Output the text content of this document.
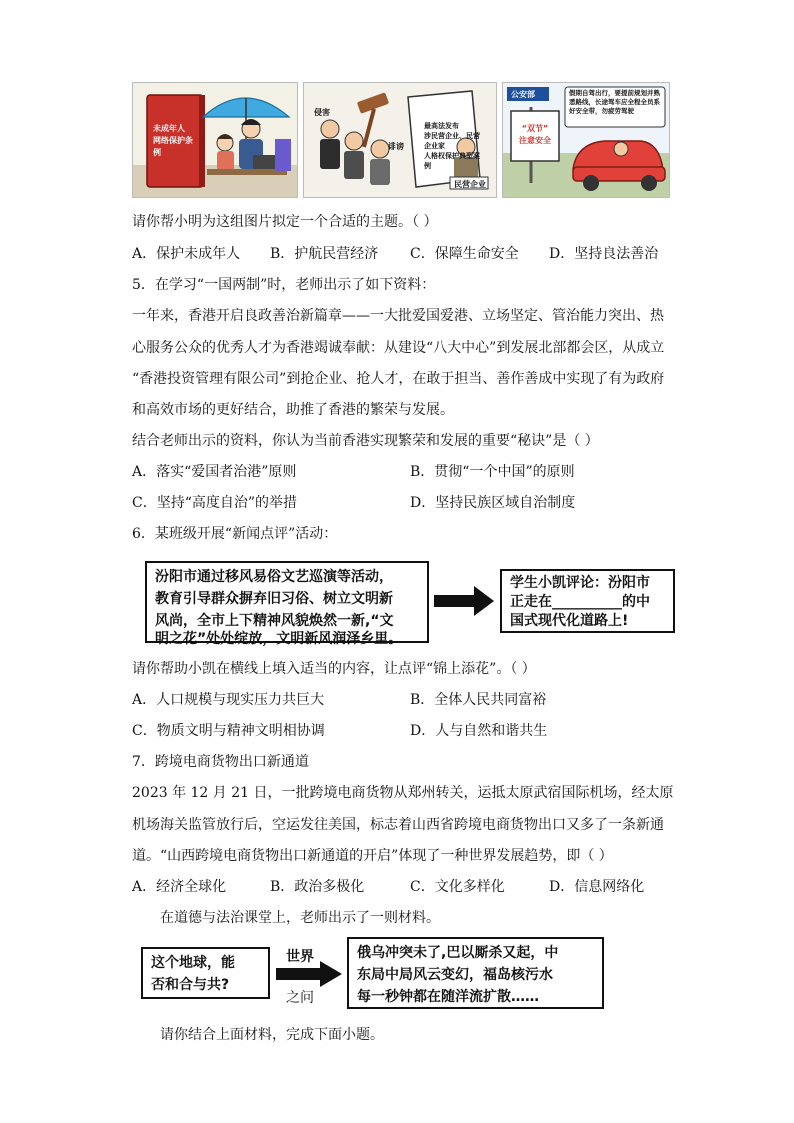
未成年人
网络保护条例
最高法发布
涉民营企业、民营企业家
人格权保护典型案例
侵害
诽谤
民营企业
公安部	假期自驾出行，要提前规划并熟悉路线，长途驾车应全程全员系好安全带，勿疲劳驾驶
“双节”
注意安全
请你帮小明为这组图片拟定一个合适的主题。（ ）
A．保护未成年人 B．护航民营经济 C．保障生命安全 D．坚持良法善治
5．在学习“一国两制”时，老师出示了如下资料：
一年来，香港开启良政善治新篇章——一大批爱国爱港、立场坚定、管治能力突出、热
心服务公众的优秀人才为香港竭诚奉献：从建设“八大中心”到发展北部都会区，从成立
“香港投资管理有限公司”到抢企业、抢人才，在敢于担当、善作善成中实现了有为政府
和高效市场的更好结合，助推了香港的繁荣与发展。
结合老师出示的资料，你认为当前香港实现繁荣和发展的重要“秘诀”是（ ）
A．落实“爱国者治港”原则	B．贯彻“一个中国”的原则
C．坚持“高度自治”的举措	D．坚持民族区域自治制度
6．某班级开展“新闻点评”活动：
汾阳市通过移风易俗文艺巡演等活动，
教育引导群众摒弃旧习俗、树立文明新
风尚，全市上下精神风貌焕然一新,“文
明之花”处处绽放，文明新风润泽乡里。
学生小凯评论：汾阳市
正走在__________的中
国式现代化道路上!
请你帮助小凯在横线上填入适当的内容，让点评“锦上添花”。（ ）
A．人口规模与现实压力共巨大	B．全体人民共同富裕
C．物质文明与精神文明相协调	D．人与自然和谐共生
7．跨境电商货物出口新通道
2023 年 12 月 21 日，一批跨境电商货物从郑州转关，运抵太原武宿国际机场，经太原
机场海关监管放行后，空运发往美国，标志着山西省跨境电商货物出口又多了一条新通
道。“山西跨境电商货物出口新通道的开启”体现了一种世界发展趋势，即（ ）
A．经济全球化	B．政治多极化	C．文化多样化	D．信息网络化
在道德与法治课堂上，老师出示了一则材料。
这个地球，能
否和合与共?
世界
之问
俄乌冲突未了,巴以厮杀又起，中
东局中局风云变幻，福岛核污水
每一秒钟都在随洋流扩散……
请你结合上面材料，完成下面小题。
